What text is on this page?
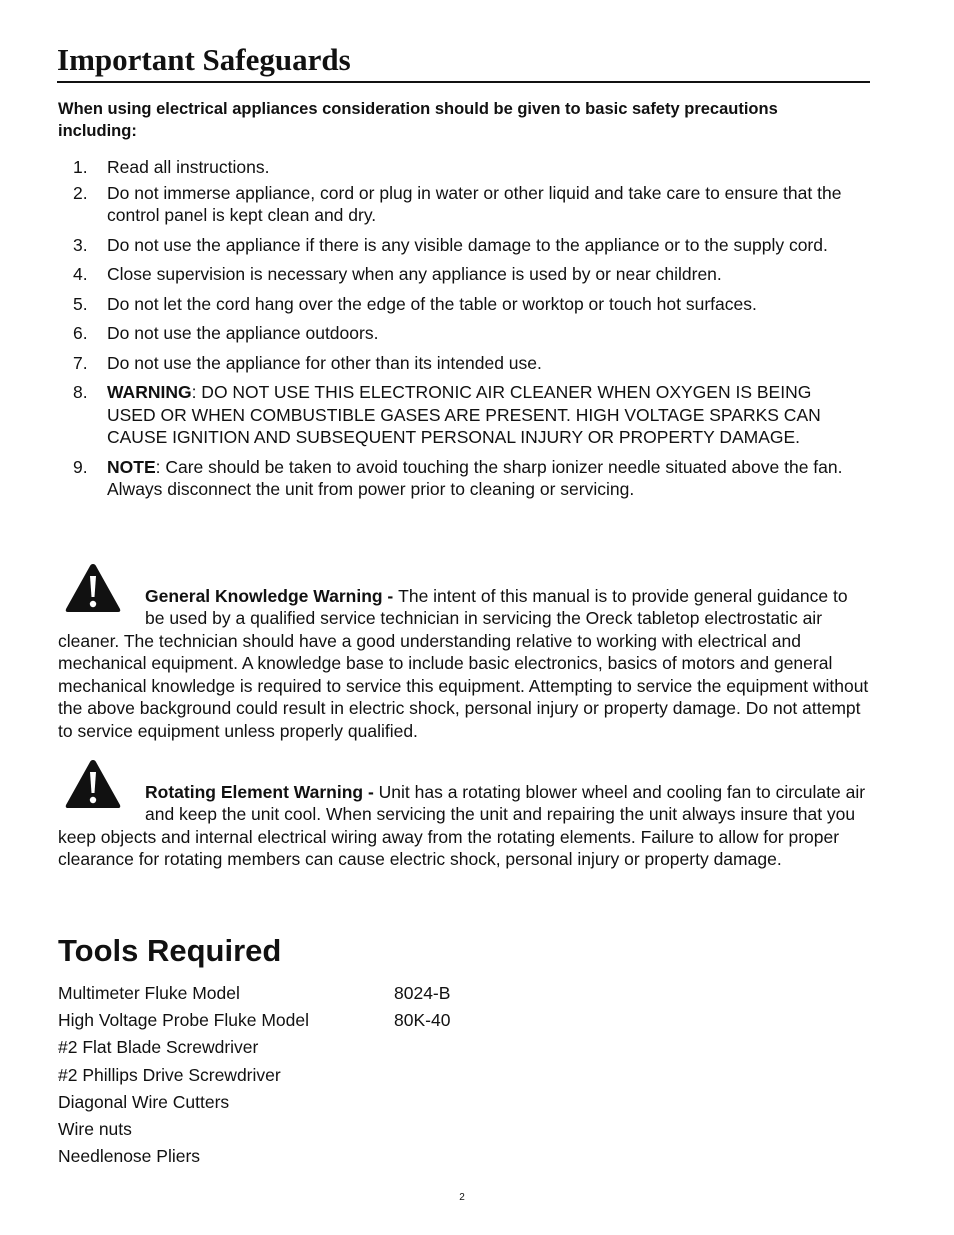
Important Safeguards

When using electrical appliances consideration should be given to basic safety precautions including:

1. Read all instructions.
2. Do not immerse appliance, cord or plug in water or other liquid and take care to ensure that the control panel is kept clean and dry.
3. Do not use the appliance if there is any visible damage to the appliance or to the supply cord.
4. Close supervision is necessary when any appliance is used by or near children.
5. Do not let the cord hang over the edge of the table or worktop or touch hot surfaces.
6. Do not use the appliance outdoors.
7. Do not use the appliance for other than its intended use.
8. WARNING: DO NOT USE THIS ELECTRONIC AIR CLEANER WHEN OXYGEN IS BEING USED OR WHEN COMBUSTIBLE GASES ARE PRESENT. HIGH VOLTAGE SPARKS CAN CAUSE IGNITION AND SUBSEQUENT PERSONAL INJURY OR PROPERTY DAMAGE.
9. NOTE: Care should be taken to avoid touching the sharp ionizer needle situated above the fan. Always disconnect the unit from power prior to cleaning or servicing.

General Knowledge Warning - The intent of this manual is to provide general guidance to be used by a qualified service technician in servicing the Oreck tabletop electrostatic air cleaner. The technician should have a good understanding relative to working with electrical and mechanical equipment. A knowledge base to include basic electronics, basics of motors and general mechanical knowledge is required to service this equipment. Attempting to service the equipment without the above background could result in electric shock, personal injury or property damage. Do not attempt to service equipment unless properly qualified.

Rotating Element Warning - Unit has a rotating blower wheel and cooling fan to circulate air and keep the unit cool. When servicing the unit and repairing the unit always insure that you keep objects and internal electrical wiring away from the rotating elements. Failure to allow for proper clearance for rotating members can cause electric shock, personal injury or property damage.

Tools Required
Multimeter Fluke Model	8024-B
High Voltage Probe Fluke Model	80K-40
#2 Flat Blade Screwdriver	
#2 Phillips Drive Screwdriver	
Diagonal Wire Cutters	
Wire nuts	
Needlenose Pliers	
2
